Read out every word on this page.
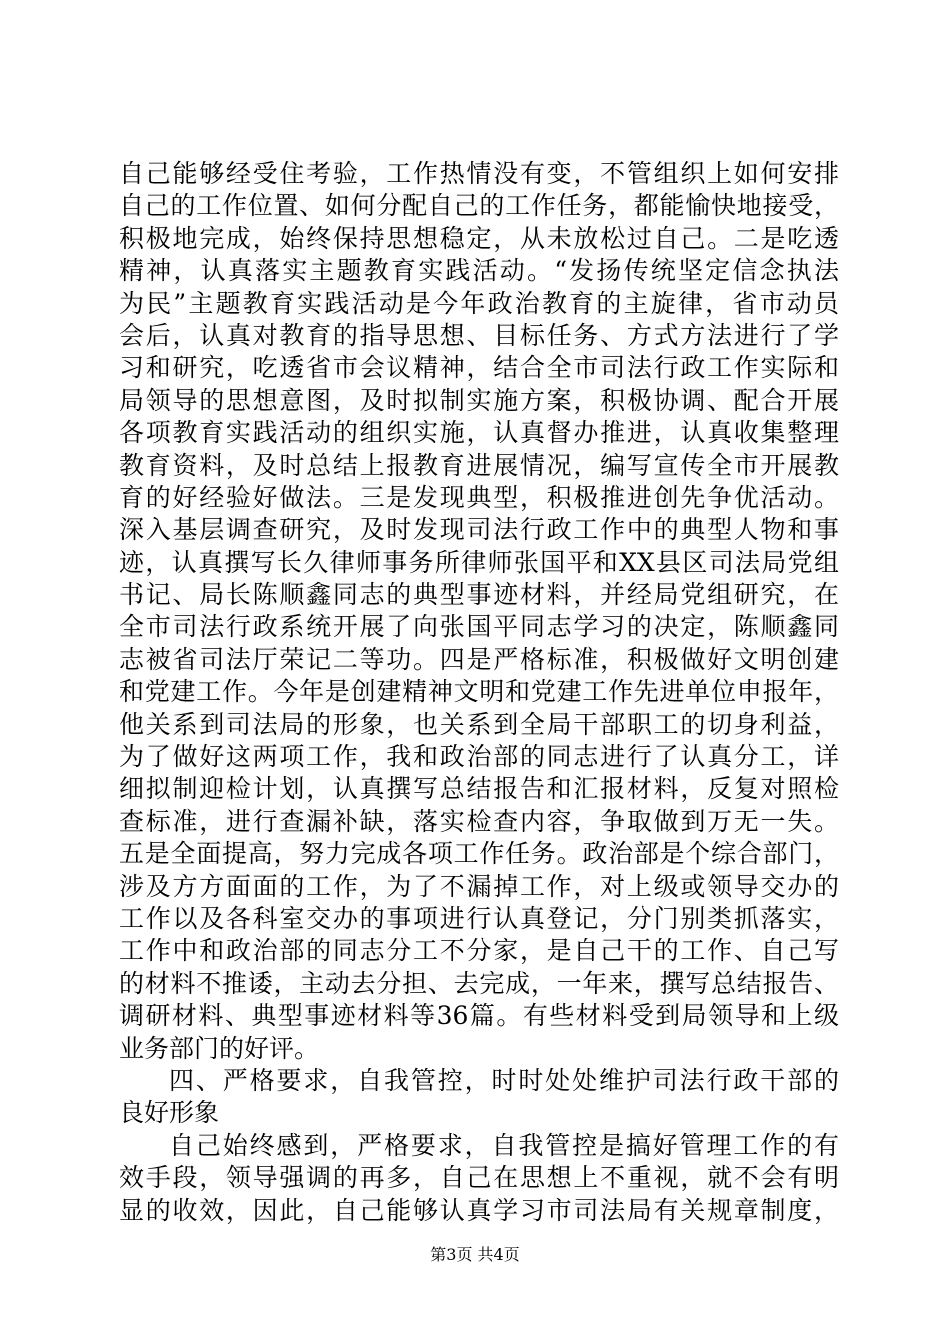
自己能够经受住考验，工作热情没有变，不管组织上如何安排
自己的工作位置、如何分配自己的工作任务，都能愉快地接受，
积极地完成，始终保持思想稳定，从未放松过自己。二是吃透
精神，认真落实主题教育实践活动。“发扬传统坚定信念执法
为民”主题教育实践活动是今年政治教育的主旋律，省市动员
会后，认真对教育的指导思想、目标任务、方式方法进行了学
习和研究，吃透省市会议精神，结合全市司法行政工作实际和
局领导的思想意图，及时拟制实施方案，积极协调、配合开展
各项教育实践活动的组织实施，认真督办推进，认真收集整理
教育资料，及时总结上报教育进展情况，编写宣传全市开展教
育的好经验好做法。三是发现典型，积极推进创先争优活动。
深入基层调查研究，及时发现司法行政工作中的典型人物和事
迹，认真撰写长久律师事务所律师张国平和XX县区司法局党组
书记、局长陈顺鑫同志的典型事迹材料，并经局党组研究，在
全市司法行政系统开展了向张国平同志学习的决定，陈顺鑫同
志被省司法厅荣记二等功。四是严格标准，积极做好文明创建
和党建工作。今年是创建精神文明和党建工作先进单位申报年，
他关系到司法局的形象，也关系到全局干部职工的切身利益，
为了做好这两项工作，我和政治部的同志进行了认真分工，详
细拟制迎检计划，认真撰写总结报告和汇报材料，反复对照检
查标准，进行查漏补缺，落实检查内容，争取做到万无一失。
五是全面提高，努力完成各项工作任务。政治部是个综合部门，
涉及方方面面的工作，为了不漏掉工作，对上级或领导交办的
工作以及各科室交办的事项进行认真登记，分门别类抓落实，
工作中和政治部的同志分工不分家，是自己干的工作、自己写
的材料不推诿，主动去分担、去完成，一年来，撰写总结报告、
调研材料、典型事迹材料等36篇。有些材料受到局领导和上级
业务部门的好评。
四、严格要求，自我管控，时时处处维护司法行政干部的
良好形象
自己始终感到，严格要求，自我管控是搞好管理工作的有
效手段，领导强调的再多，自己在思想上不重视，就不会有明
显的收效，因此，自己能够认真学习市司法局有关规章制度，
第3页 共4页
